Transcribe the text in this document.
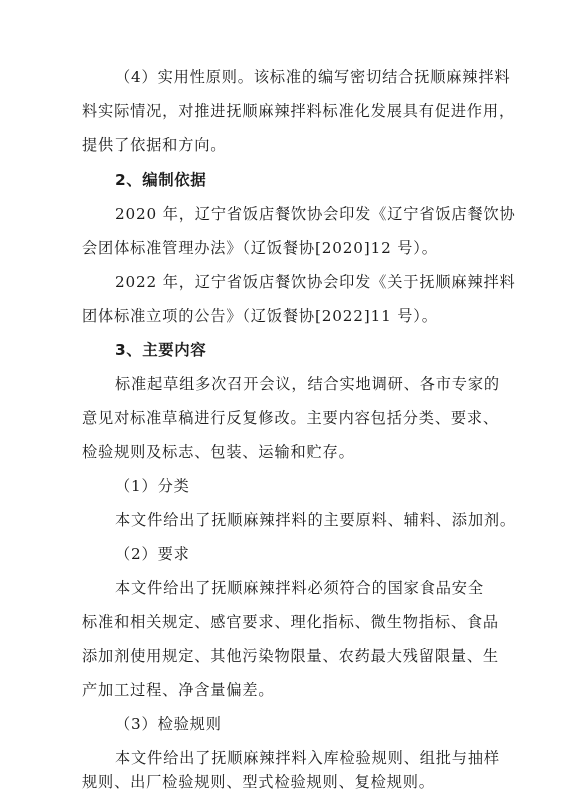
（4）实用性原则。该标准的编写密切结合抚顺麻辣拌料
料实际情况，对推进抚顺麻辣拌料标准化发展具有促进作用，
提供了依据和方向。
2、编制依据
2020 年，辽宁省饭店餐饮协会印发《辽宁省饭店餐饮协
会团体标准管理办法》（辽饭餐协[2020]12 号）。
2022 年，辽宁省饭店餐饮协会印发《关于抚顺麻辣拌料
团体标准立项的公告》（辽饭餐协[2022]11 号）。
3、主要内容
标准起草组多次召开会议，结合实地调研、各市专家的
意见对标准草稿进行反复修改。主要内容包括分类、要求、
检验规则及标志、包装、运输和贮存。
（1）分类
本文件给出了抚顺麻辣拌料的主要原料、辅料、添加剂。
（2）要求
本文件给出了抚顺麻辣拌料必须符合的国家食品安全
标准和相关规定、感官要求、理化指标、微生物指标、食品
添加剂使用规定、其他污染物限量、农药最大残留限量、生
产加工过程、净含量偏差。
（3）检验规则
本文件给出了抚顺麻辣拌料入库检验规则、组批与抽样
规则、出厂检验规则、型式检验规则、复检规则。
